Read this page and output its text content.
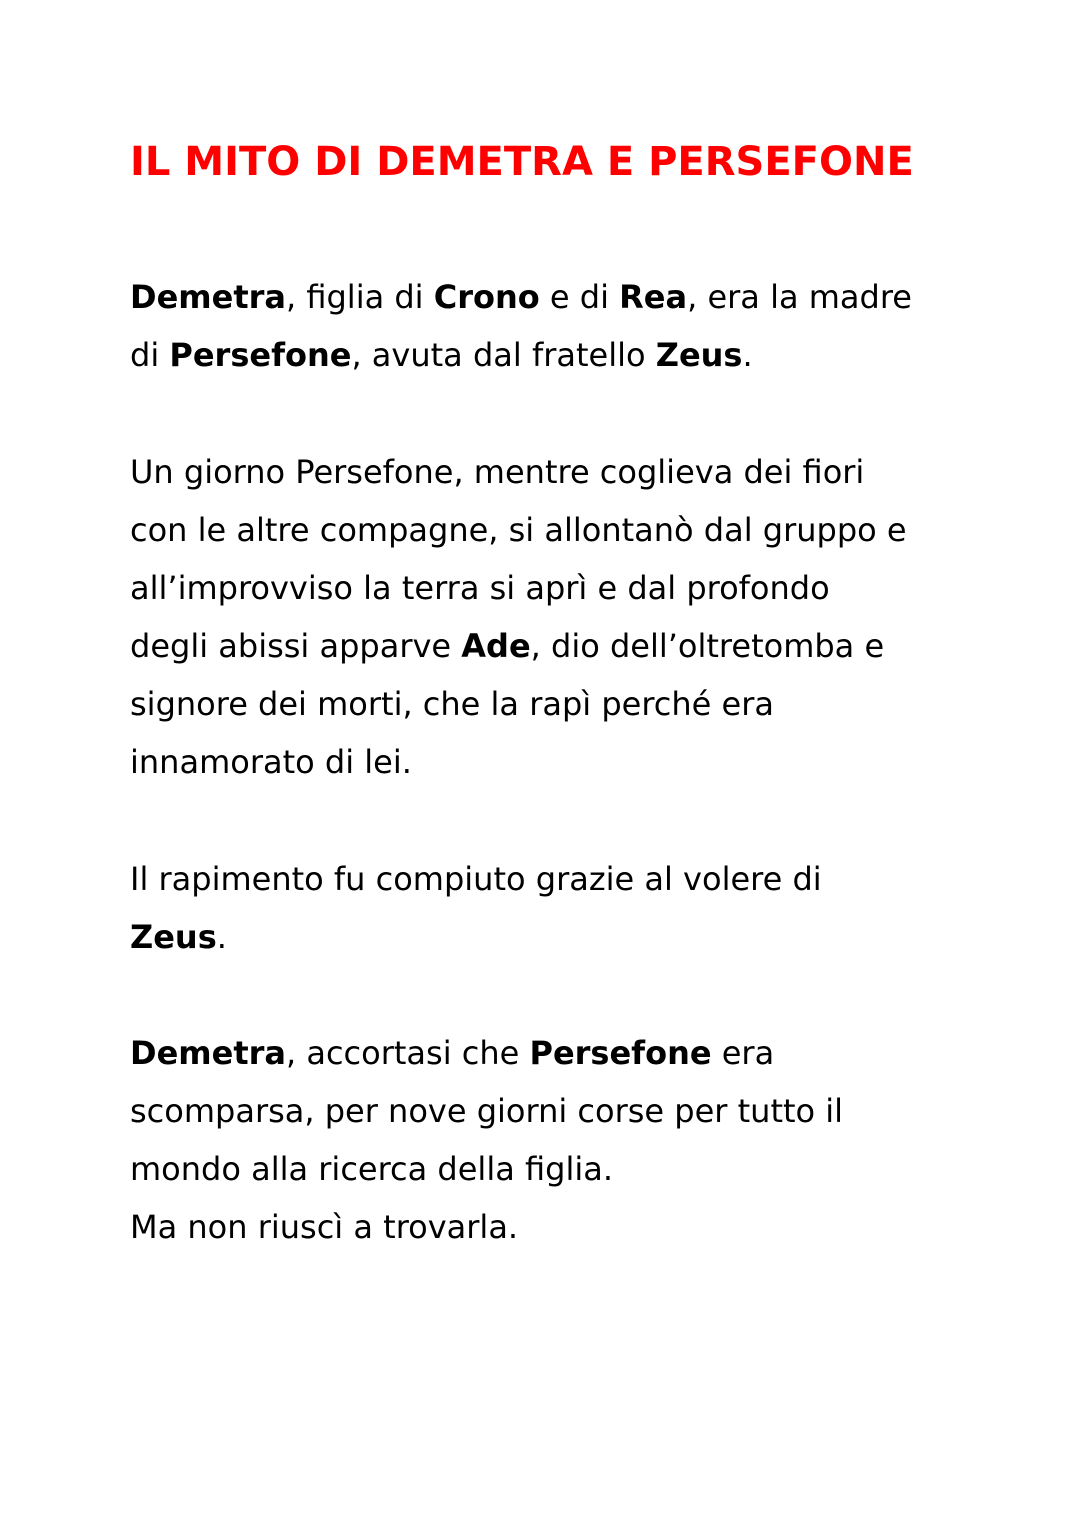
IL MITO DI DEMETRA E PERSEFONE

Demetra, figlia di Crono e di Rea, era la madre
di Persefone, avuta dal fratello Zeus.

Un giorno Persefone, mentre coglieva dei fiori
con le altre compagne, si allontanò dal gruppo e
all’improvviso la terra si aprì e dal profondo
degli abissi apparve Ade, dio dell’oltretomba e
signore dei morti, che la rapì perché era
innamorato di lei.

Il rapimento fu compiuto grazie al volere di
Zeus.

Demetra, accortasi che Persefone era
scomparsa, per nove giorni corse per tutto il
mondo alla ricerca della figlia.
Ma non riuscì a trovarla.
